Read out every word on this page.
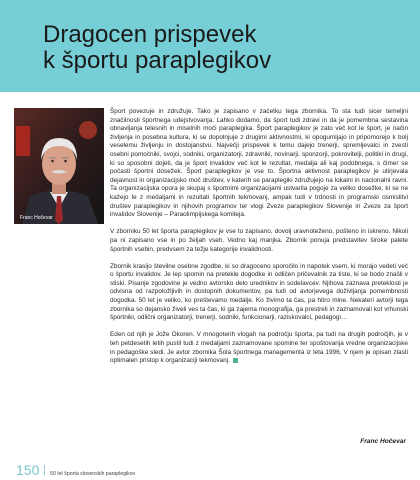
Dragocen prispevek
k športu paraplegikov
Franc Hočevar

Šport povezuje in združuje. Tako je zapisano v začetku tega zbornika. To sta tudi sicer temeljni značilnosti športnega udejstvovanja. Lahko dodamo, da šport tudi zdravi in da je pomembna sestavina obnavljanja telesnih in miselnih moči paraplegika. Šport paraplegikov je zato več kot le šport, je način življenja in posebna kultura, ki se dopolnjuje z drugimi aktivnostmi, ki opogumljajo in pripomorejo k bolj veselemu življenju in dostojanstvu. Največji prispevek k temu dajejo trenerji, spremljevalci in zvesti osebni pomočniki, svojci, sodniki, organizatorji, zdravniki, novinarji, sponzorji, pokrovitelji, politiki in drugi, ki so sposobni dojeti, da je šport invalidov več kot le rezultat, medalja ali kaj podobnega, s čimer se počasti športni dosežek. Šport paraplegikov je vse to. Športna aktivnost paraplegikov je utirjevala dejavnost in organizacijsko moč društev, v katerih se paraplegiki združujejo na lokalni in nacionalni ravni. Ta organizacijska opora je skupaj s športnimi organizacijami ustvarila pogoje za veliko dosežke, ki se ne kažejo le z medaljami in rezultati športnih tekmovanj, ampak tudi v trdnosti in programski osmislitvi društev paraplegikov in njihovih programov ter vlogi Zveze paraplegikov Slovenije in Zveze za šport invalidov Slovenije – Paraolimpijskega komiteja.

V zborniku 50 let športa paraplegikov je vse to zapisano, dovolj uravnoteženo, pošteno in iskreno. Nikoli pa ni zapisano vse in po željah vseh. Vedno kaj manjka. Zbornik ponuja predstavitev široke palete športnih vsebin, predvsem za težje kategorije invalidnosti.

Zbornik krasijo številne osebne zgodbe, ki so dragoceno sporočilo in napotek vsem, ki morajo vedeti več o športu invalidov. Je lep spomin na pretekle dogodke in odličen pričevalnik za tiste, ki se bodo znašli v stiski. Pisanje zgodovine je vedno avtorsko delo urednikov in sodelavcev. Njihova zaznava preteklosti je odvisna od razpoložljivih in dostopnih dokumentov, pa tudi od avtorjevega doživljanja pomembnosti dogodka. 50 let je veliko, ko preštevamo medalje. Ko živimo ta čas, pa hitro mine. Nekateri avtorji tega zbornika so dejansko živeli ves ta čas, ki ga zajema monografija, ga prestreli in zaznamovali kot vrhunski športniki, odlični organizatorji, trenerji, sodniki, funkcionarji, raziskovalci, pedagogi…

Eden od njih je Jože Okoren. V mnogoterih vlogah na področju športa, pa tudi na drugih področjih, je v teh petdesetih letih pustil tudi z medaljami zaznamovane spomine ter spoštovanja vredne organizacijske in pedagoške sledi. Je avtor zbornika Šola športnega managementa iz leta 1996, V njem je opisan zlasti optimalen pristop k organizaciji tekmovanj.

Franc Hočevar
150 50 let športa slovenskih paraplegikov
